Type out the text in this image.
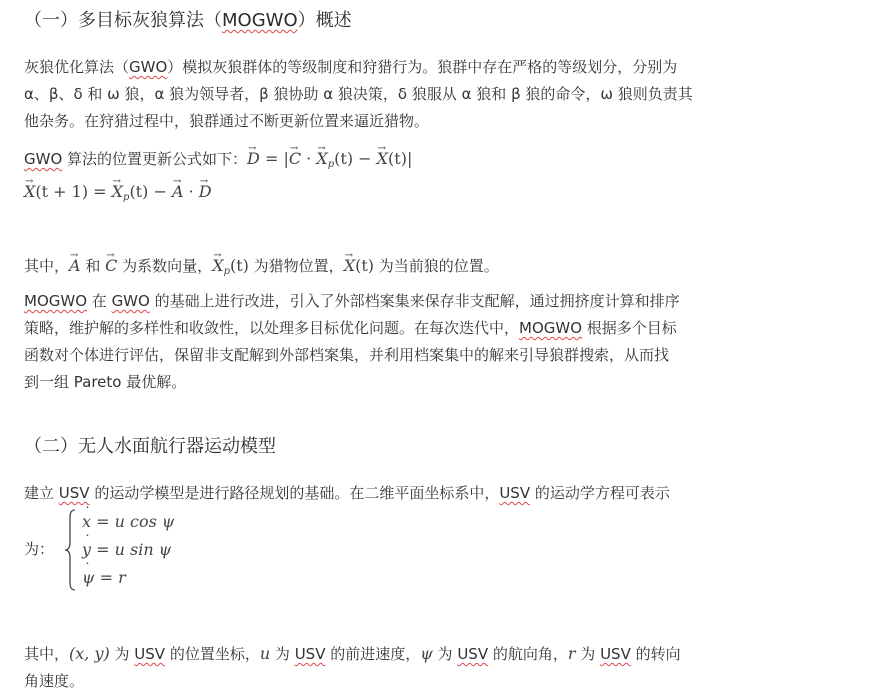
（一）多目标灰狼算法（MOGWO）概述

灰狼优化算法（GWO）模拟灰狼群体的等级制度和狩猎行为。狼群中存在严格的等级划分，分别为
α、β、δ 和 ω 狼，α 狼为领导者，β 狼协助 α 狼决策，δ 狼服从 α 狼和 β 狼的命令，ω 狼则负责其
他杂务。在狩猎过程中，狼群通过不断更新位置来逼近猎物。

GWO 算法的位置更新公式如下：→ D = |→ C · → $X_p(t)$ − → X(t)|

→ X(t + 1) = → $X_p(t)$ − → A · → D

其中，→ A 和 → C 为系数向量，→ $X_p(t)$ 为猎物位置，→ X(t) 为当前狼的位置。

MOGWO 在 GWO 的基础上进行改进，引入了外部档案集来保存非支配解，通过拥挤度计算和排序
策略，维护解的多样性和收敛性，以处理多目标优化问题。在每次迭代中，MOGWO 根据多个目标
函数对个体进行评估，保留非支配解到外部档案集，并利用档案集中的解来引导狼群搜索，从而找
到一组 Pareto 最优解。

（二）无人水面航行器运动模型

建立 USV 的运动学模型是进行路径规划的基础。在二维平面坐标系中，USV 的运动学方程可表示

为：
˙ x = u cos ψ
˙ y = u sin ψ
˙ ψ = r

其中，(x, y) 为 USV 的位置坐标，u 为 USV 的前进速度，ψ 为 USV 的航向角，r 为 USV 的转向
角速度。
